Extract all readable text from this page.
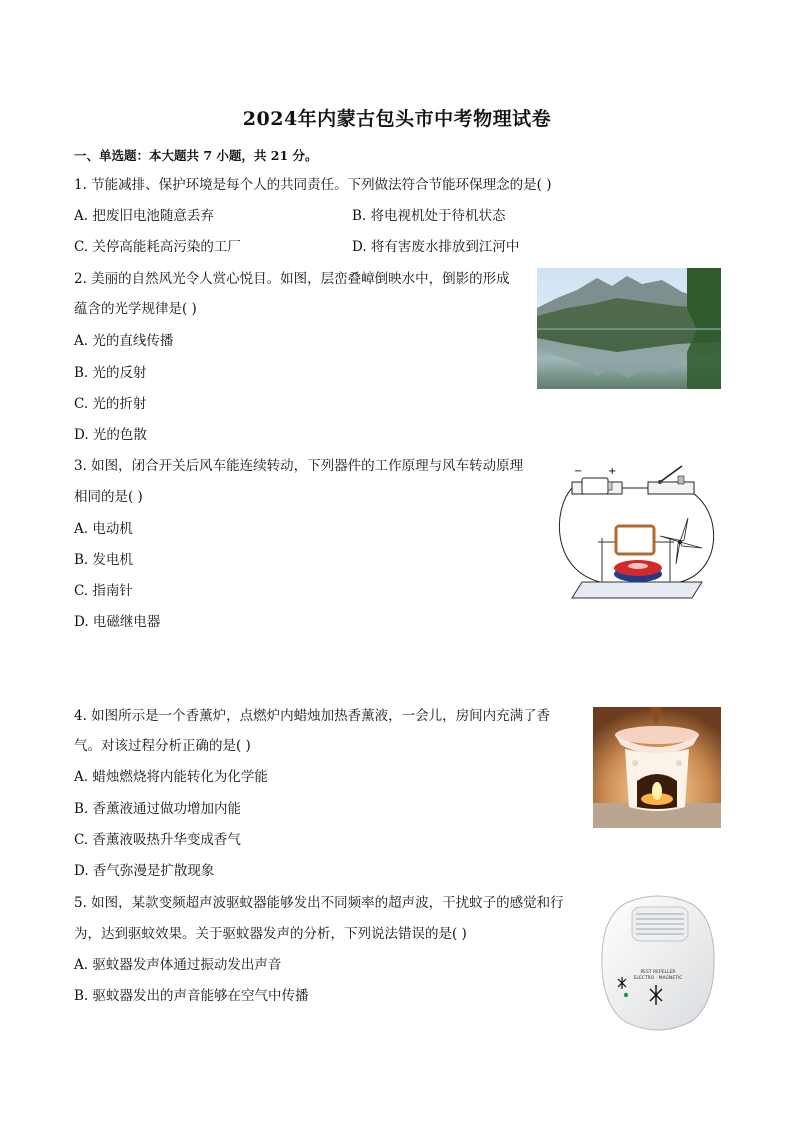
2024年内蒙古包头市中考物理试卷
一、单选题：本大题共 7 小题，共 21 分。
1. 节能减排、保护环境是每个人的共同责任。下列做法符合节能环保理念的是( )
A. 把废旧电池随意丢弃	B. 将电视机处于待机状态
C. 关停高能耗高污染的工厂	D. 将有害废水排放到江河中
2. 美丽的自然风光令人赏心悦目。如图，层峦叠嶂倒映水中，倒影的形成
蕴含的光学规律是( )
A. 光的直线传播
B. 光的反射
C. 光的折射
D. 光的色散
3. 如图，闭合开关后风车能连续转动，下列器件的工作原理与风车转动原理
相同的是( )
A. 电动机
B. 发电机
C. 指南针
D. 电磁继电器
−	+
4. 如图所示是一个香薰炉，点燃炉内蜡烛加热香薰液，一会儿，房间内充满了香
气。对该过程分析正确的是( )
A. 蜡烛燃烧将内能转化为化学能
B. 香薰液通过做功增加内能
C. 香薰液吸热升华变成香气
D. 香气弥漫是扩散现象
5. 如图，某款变频超声波驱蚊器能够发出不同频率的超声波，干扰蚊子的感觉和行
为，达到驱蚊效果。关于驱蚊器发声的分析，下列说法错误的是( )
A. 驱蚊器发声体通过振动发出声音
B. 驱蚊器发出的声音能够在空气中传播
PEST REPELLER
ELECTRO · MAGNETIC
